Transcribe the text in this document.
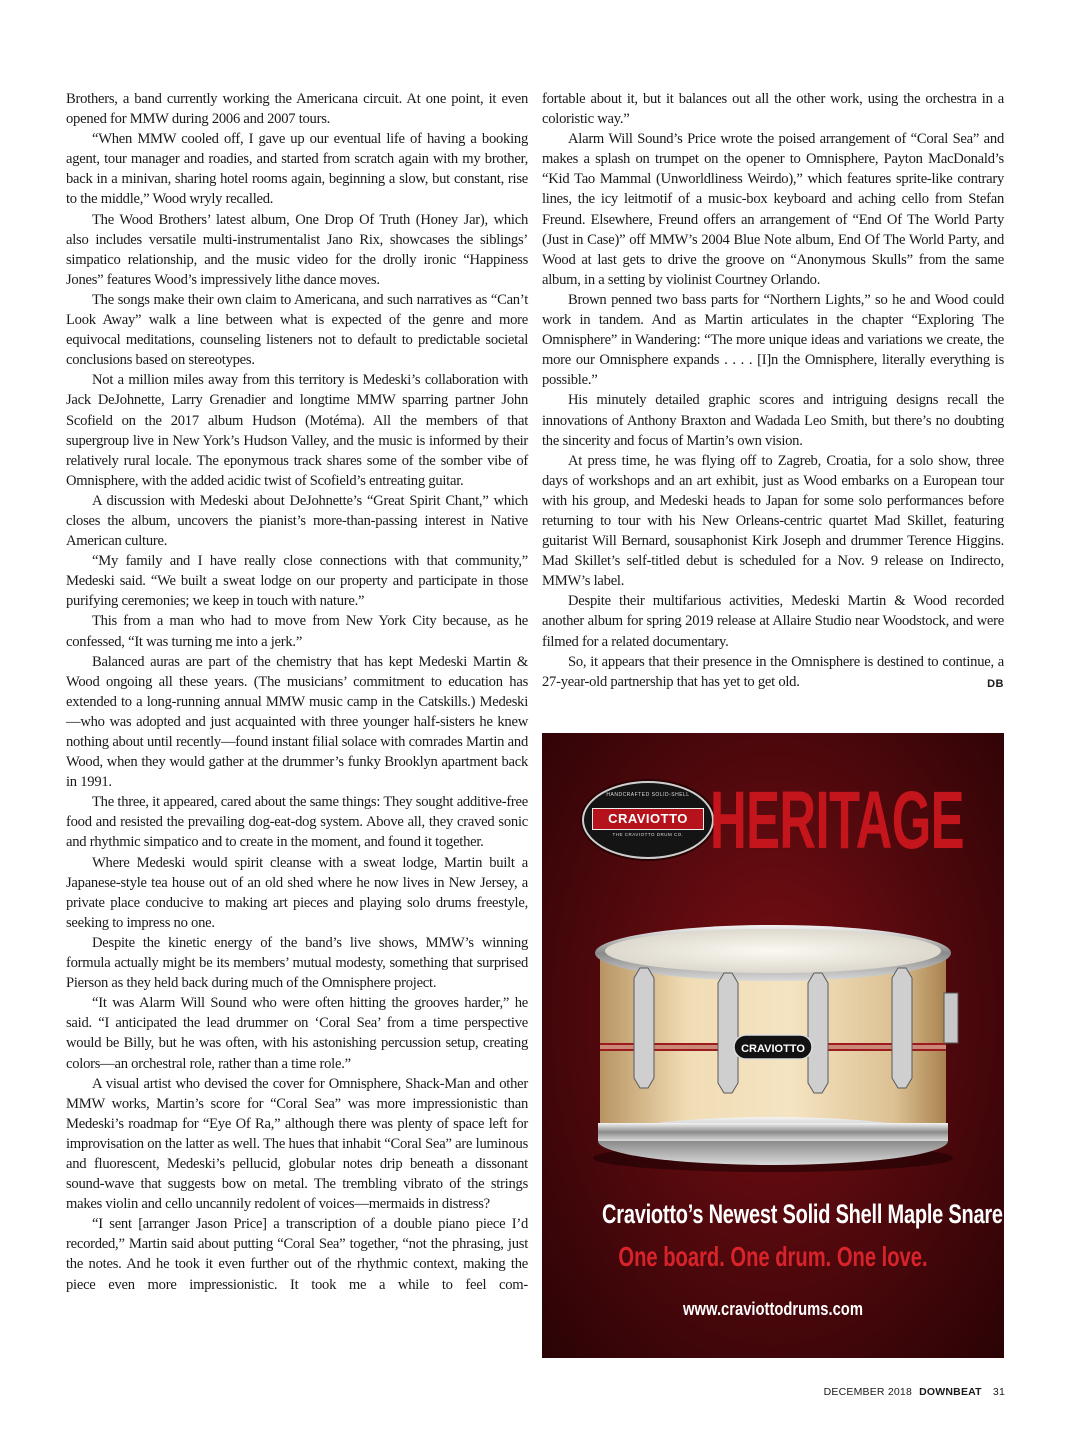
Brothers, a band currently working the Americana circuit. At one point, it even opened for MMW during 2006 and 2007 tours.

“When MMW cooled off, I gave up our eventual life of having a booking agent, tour manager and roadies, and started from scratch again with my brother, back in a minivan, sharing hotel rooms again, beginning a slow, but constant, rise to the middle,” Wood wryly recalled.

The Wood Brothers’ latest album, One Drop Of Truth (Honey Jar), which also includes versatile multi-instrumentalist Jano Rix, showcases the siblings’ simpatico relationship, and the music video for the drolly ironic “Happiness Jones” features Wood’s impressively lithe dance moves.

The songs make their own claim to Americana, and such narratives as “Can’t Look Away” walk a line between what is expected of the genre and more equivocal meditations, counseling listeners not to default to predictable societal conclusions based on stereotypes.

Not a million miles away from this territory is Medeski’s collaboration with Jack DeJohnette, Larry Grenadier and longtime MMW sparring partner John Scofield on the 2017 album Hudson (Motéma). All the members of that supergroup live in New York’s Hudson Valley, and the music is informed by their relatively rural locale. The eponymous track shares some of the somber vibe of Omnisphere, with the added acidic twist of Scofield’s entreating guitar.

A discussion with Medeski about DeJohnette’s “Great Spirit Chant,” which closes the album, uncovers the pianist’s more-than-passing interest in Native American culture.

“My family and I have really close connections with that community,” Medeski said. “We built a sweat lodge on our property and participate in those purifying ceremonies; we keep in touch with nature.”

This from a man who had to move from New York City because, as he confessed, “It was turning me into a jerk.”

Balanced auras are part of the chemistry that has kept Medeski Martin & Wood ongoing all these years. (The musicians’ commitment to education has extended to a long-running annual MMW music camp in the Catskills.) Medeski—who was adopted and just acquainted with three younger half-sisters he knew nothing about until recently—found instant filial solace with comrades Martin and Wood, when they would gather at the drummer’s funky Brooklyn apartment back in 1991.

The three, it appeared, cared about the same things: They sought additive-free food and resisted the prevailing dog-eat-dog system. Above all, they craved sonic and rhythmic simpatico and to create in the moment, and found it together.

Where Medeski would spirit cleanse with a sweat lodge, Martin built a Japanese-style tea house out of an old shed where he now lives in New Jersey, a private place conducive to making art pieces and playing solo drums freestyle, seeking to impress no one.

Despite the kinetic energy of the band’s live shows, MMW’s winning formula actually might be its members’ mutual modesty, something that surprised Pierson as they held back during much of the Omnisphere project.

“It was Alarm Will Sound who were often hitting the grooves harder,” he said. “I anticipated the lead drummer on ‘Coral Sea’ from a time perspective would be Billy, but he was often, with his astonishing percussion setup, creating colors—an orchestral role, rather than a time role.”

A visual artist who devised the cover for Omnisphere, Shack-Man and other MMW works, Martin’s score for “Coral Sea” was more impressionistic than Medeski’s roadmap for “Eye Of Ra,” although there was plenty of space left for improvisation on the latter as well. The hues that inhabit “Coral Sea” are luminous and fluorescent, Medeski’s pellucid, globular notes drip beneath a dissonant sound-wave that suggests bow on metal. The trembling vibrato of the strings makes violin and cello uncannily redolent of voices—mermaids in distress?

“I sent [arranger Jason Price] a transcription of a double piano piece I’d recorded,” Martin said about putting “Coral Sea” together, “not the phrasing, just the notes. And he took it even further out of the rhythmic context, making the piece even more impressionistic. It took me a while to feel com-

fortable about it, but it balances out all the other work, using the orchestra in a coloristic way.”

Alarm Will Sound’s Price wrote the poised arrangement of “Coral Sea” and makes a splash on trumpet on the opener to Omnisphere, Payton MacDonald’s “Kid Tao Mammal (Unworldliness Weirdo),” which features sprite-like contrary lines, the icy leitmotif of a music-box keyboard and aching cello from Stefan Freund. Elsewhere, Freund offers an arrangement of “End Of The World Party (Just in Case)” off MMW’s 2004 Blue Note album, End Of The World Party, and Wood at last gets to drive the groove on “Anonymous Skulls” from the same album, in a setting by violinist Courtney Orlando.

Brown penned two bass parts for “Northern Lights,” so he and Wood could work in tandem. And as Martin articulates in the chapter “Exploring The Omnisphere” in Wandering: “The more unique ideas and variations we create, the more our Omnisphere expands . . . . [I]n the Omnisphere, literally everything is possible.”

His minutely detailed graphic scores and intriguing designs recall the innovations of Anthony Braxton and Wadada Leo Smith, but there’s no doubting the sincerity and focus of Martin’s own vision.

At press time, he was flying off to Zagreb, Croatia, for a solo show, three days of workshops and an art exhibit, just as Wood embarks on a European tour with his group, and Medeski heads to Japan for some solo performances before returning to tour with his New Orleans-centric quartet Mad Skillet, featuring guitarist Will Bernard, sousaphonist Kirk Joseph and drummer Terence Higgins. Mad Skillet’s self-titled debut is scheduled for a Nov. 9 release on Indirecto, MMW’s label.

Despite their multifarious activities, Medeski Martin & Wood recorded another album for spring 2019 release at Allaire Studio near Woodstock, and were filmed for a related documentary.

So, it appears that their presence in the Omnisphere is destined to continue, a 27-year-old partnership that has yet to get old.	DB

HANDCRAFTED SOLID-SHELL
CRAVIOTTO
THE CRAVIOTTO DRUM CO. HERITAGE
CRAVIOTTO
Craviotto’s Newest Solid Shell Maple Snare Drum
One board. One drum. One love.
www.craviottodrums.com
DECEMBER 2018 DOWNBEAT 31
